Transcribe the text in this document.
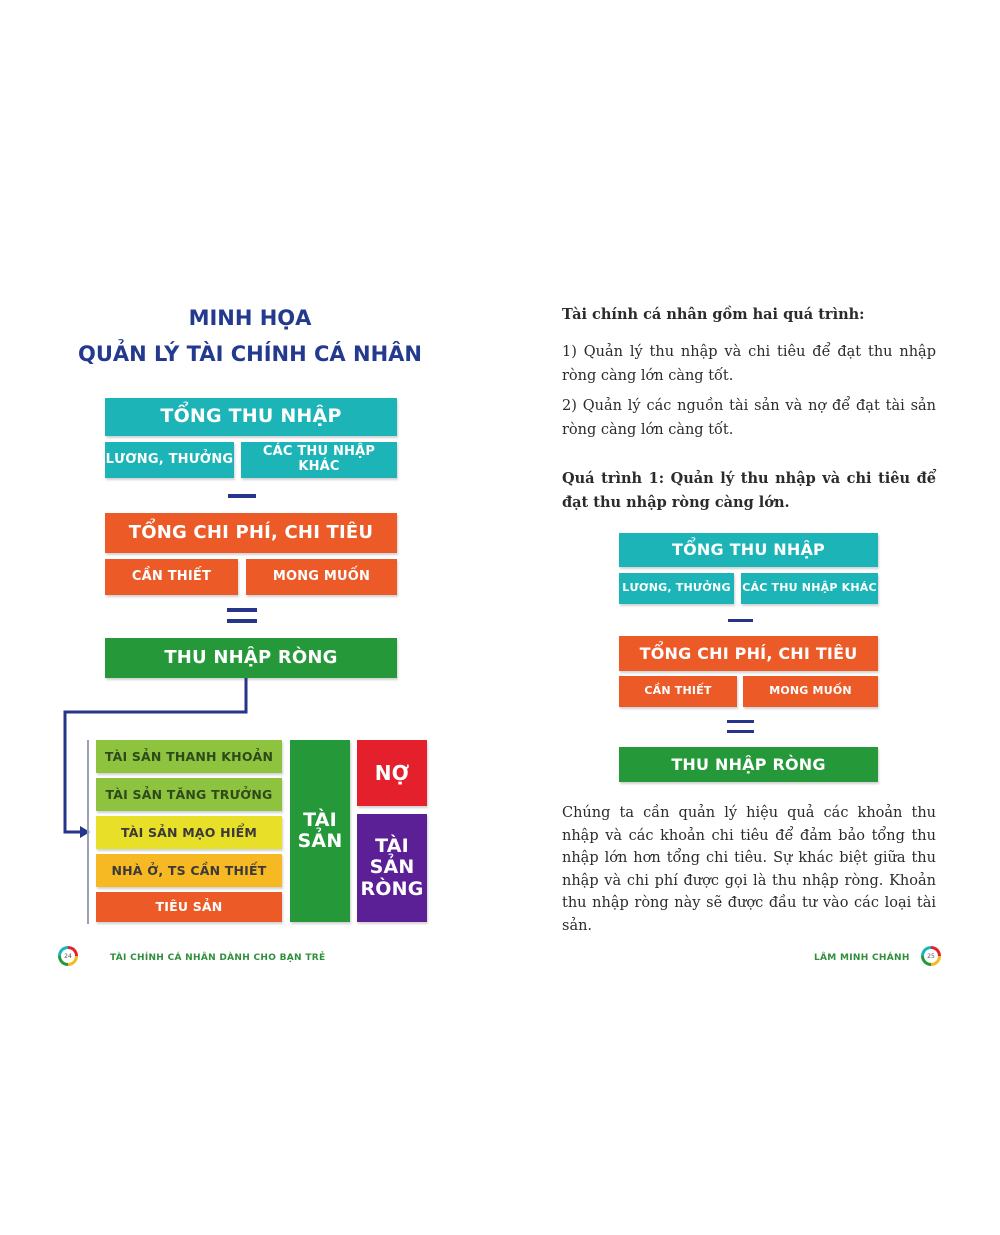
MINH HỌA
QUẢN LÝ TÀI CHÍNH CÁ NHÂN
TỔNG THU NHẬP
LƯƠNG, THƯỞNG	CÁC THU NHẬP KHÁC
TỔNG CHI PHÍ, CHI TIÊU
CẦN THIẾT	MONG MUỐN
THU NHẬP RÒNG
TÀI SẢN THANH KHOẢN
TÀI SẢN TĂNG TRƯỞNG
TÀI SẢN MẠO HIỂM
NHÀ Ở, TS CẦN THIẾT
TIÊU SẢN
TÀI SẢN
NỢ
TÀI SẢN RÒNG
24	TÀI CHÍNH CÁ NHÂN DÀNH CHO BẠN TRẺ
Tài chính cá nhân gồm hai quá trình:
1) Quản lý thu nhập và chi tiêu để đạt thu nhập ròng càng lớn càng tốt.
2) Quản lý các nguồn tài sản và nợ để đạt tài sản ròng càng lớn càng tốt.
Quá trình 1: Quản lý thu nhập và chi tiêu để đạt thu nhập ròng càng lớn.
TỔNG THU NHẬP
LƯƠNG, THƯỞNG CÁC THU NHẬP KHÁC
TỔNG CHI PHÍ, CHI TIÊU
CẦN THIẾT	MONG MUỐN
THU NHẬP RÒNG
Chúng ta cần quản lý hiệu quả các khoản thu nhập và các khoản chi tiêu để đảm bảo tổng thu nhập lớn hơn tổng chi tiêu. Sự khác biệt giữa thu nhập và chi phí được gọi là thu nhập ròng. Khoản thu nhập ròng này sẽ được đầu tư vào các loại tài sản.
LÂM MINH CHÁNH	25
